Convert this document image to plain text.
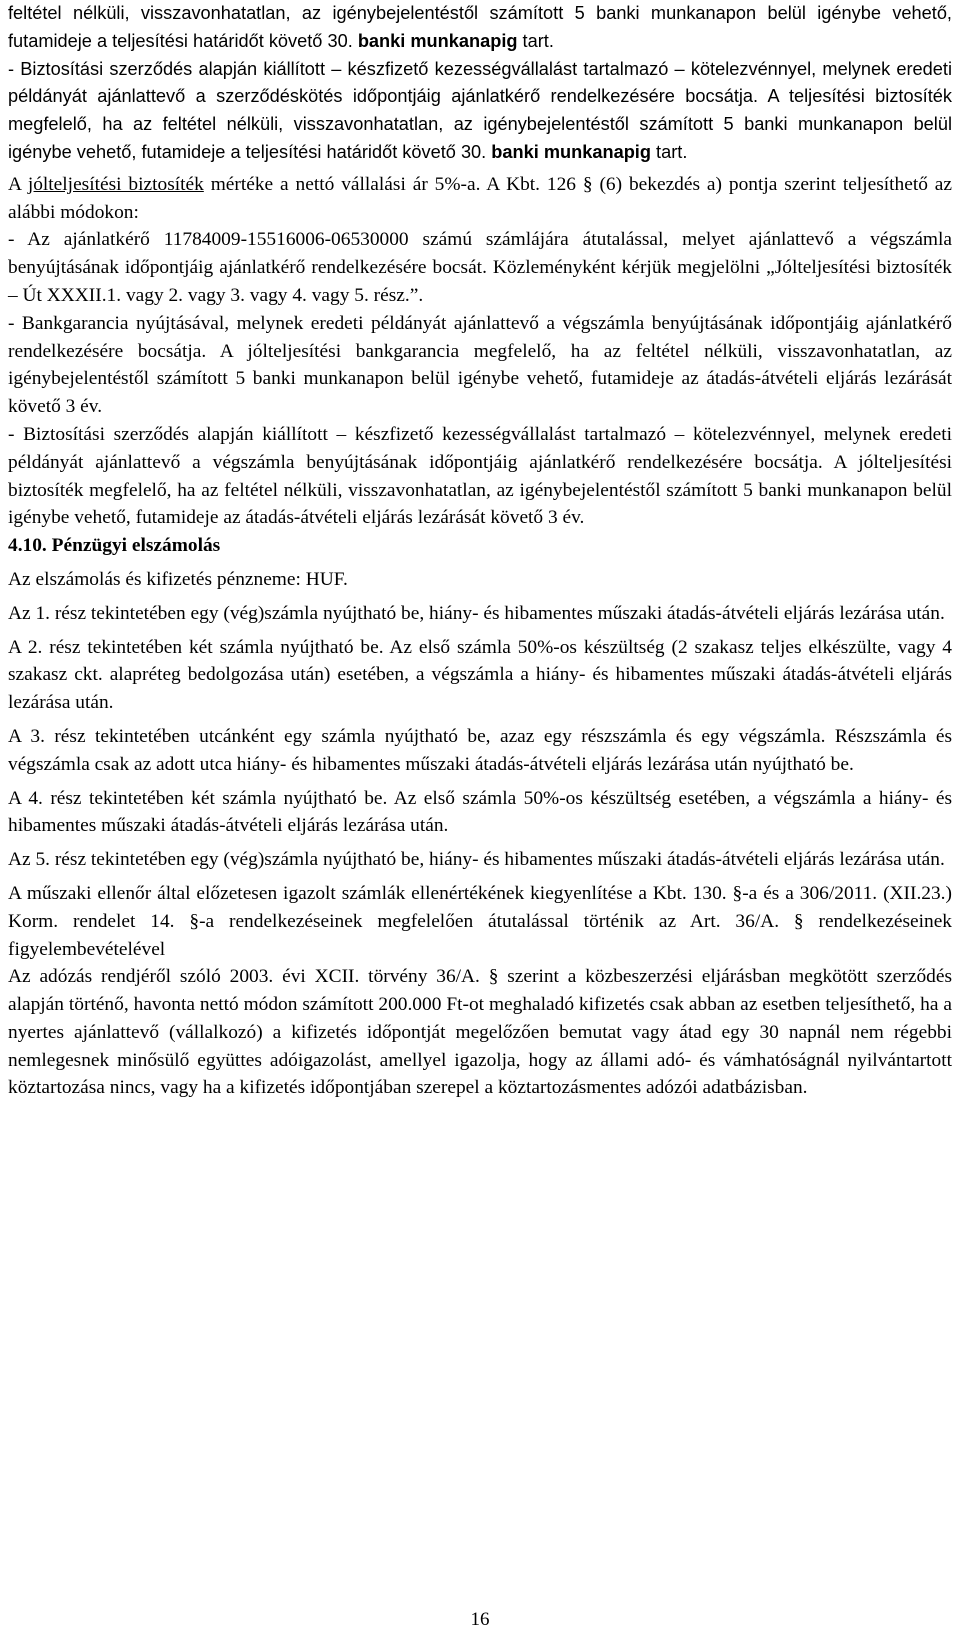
feltétel nélküli, visszavonhatatlan, az igénybejelentéstől számított 5 banki munkanapon belül igénybe vehető, futamideje a teljesítési határidőt követő 30. banki munkanapig tart.

- Biztosítási szerződés alapján kiállított – készfizető kezességvállalást tartalmazó – kötelezvénnyel, melynek eredeti példányát ajánlattevő a szerződéskötés időpontjáig ajánlatkérő rendelkezésére bocsátja. A teljesítési biztosíték megfelelő, ha az feltétel nélküli, visszavonhatatlan, az igénybejelentéstől számított 5 banki munkanapon belül igénybe vehető, futamideje a teljesítési határidőt követő 30. banki munkanapig tart.

A jólteljesítési biztosíték mértéke a nettó vállalási ár 5%-a. A Kbt. 126 § (6) bekezdés a) pontja szerint teljesíthető az alábbi módokon:

- Az ajánlatkérő 11784009-15516006-06530000 számú számlájára átutalással, melyet ajánlattevő a végszámla benyújtásának időpontjáig ajánlatkérő rendelkezésére bocsát. Közleményként kérjük megjelölni „Jólteljesítési biztosíték – Út XXXII.1. vagy 2. vagy 3. vagy 4. vagy 5. rész.”.

- Bankgarancia nyújtásával, melynek eredeti példányát ajánlattevő a végszámla benyújtásának időpontjáig ajánlatkérő rendelkezésére bocsátja. A jólteljesítési bankgarancia megfelelő, ha az feltétel nélküli, visszavonhatatlan, az igénybejelentéstől számított 5 banki munkanapon belül igénybe vehető, futamideje az átadás-átvételi eljárás lezárását követő 3 év.

- Biztosítási szerződés alapján kiállított – készfizető kezességvállalást tartalmazó – kötelezvénnyel, melynek eredeti példányát ajánlattevő a végszámla benyújtásának időpontjáig ajánlatkérő rendelkezésére bocsátja. A jólteljesítési biztosíték megfelelő, ha az feltétel nélküli, visszavonhatatlan, az igénybejelentéstől számított 5 banki munkanapon belül igénybe vehető, futamideje az átadás-átvételi eljárás lezárását követő 3 év.

4.10. Pénzügyi elszámolás

Az elszámolás és kifizetés pénzneme: HUF.

Az 1. rész tekintetében egy (vég)számla nyújtható be, hiány- és hibamentes műszaki átadás-átvételi eljárás lezárása után.

A 2. rész tekintetében két számla nyújtható be. Az első számla 50%-os készültség (2 szakasz teljes elkészülte, vagy 4 szakasz ckt. alapréteg bedolgozása után) esetében, a végszámla a hiány- és hibamentes műszaki átadás-átvételi eljárás lezárása után.

A 3. rész tekintetében utcánként egy számla nyújtható be, azaz egy részszámla és egy végszámla. Részszámla és végszámla csak az adott utca hiány- és hibamentes műszaki átadás-átvételi eljárás lezárása után nyújtható be.

A 4. rész tekintetében két számla nyújtható be. Az első számla 50%-os készültség esetében, a végszámla a hiány- és hibamentes műszaki átadás-átvételi eljárás lezárása után.

Az 5. rész tekintetében egy (vég)számla nyújtható be, hiány- és hibamentes műszaki átadás-átvételi eljárás lezárása után.

A műszaki ellenőr által előzetesen igazolt számlák ellenértékének kiegyenlítése a Kbt. 130. §-a és a 306/2011. (XII.23.) Korm. rendelet 14. §-a rendelkezéseinek megfelelően átutalással történik az Art. 36/A. § rendelkezéseinek figyelembevételével

Az adózás rendjéről szóló 2003. évi XCII. törvény 36/A. § szerint a közbeszerzési eljárásban megkötött szerződés alapján történő, havonta nettó módon számított 200.000 Ft-ot meghaladó kifizetés csak abban az esetben teljesíthető, ha a nyertes ajánlattevő (vállalkozó) a kifizetés időpontját megelőzően bemutat vagy átad egy 30 napnál nem régebbi nemlegesnek minősülő együttes adóigazolást, amellyel igazolja, hogy az állami adó- és vámhatóságnál nyilvántartott köztartozása nincs, vagy ha a kifizetés időpontjában szerepel a köztartozásmentes adózói adatbázisban.

16
